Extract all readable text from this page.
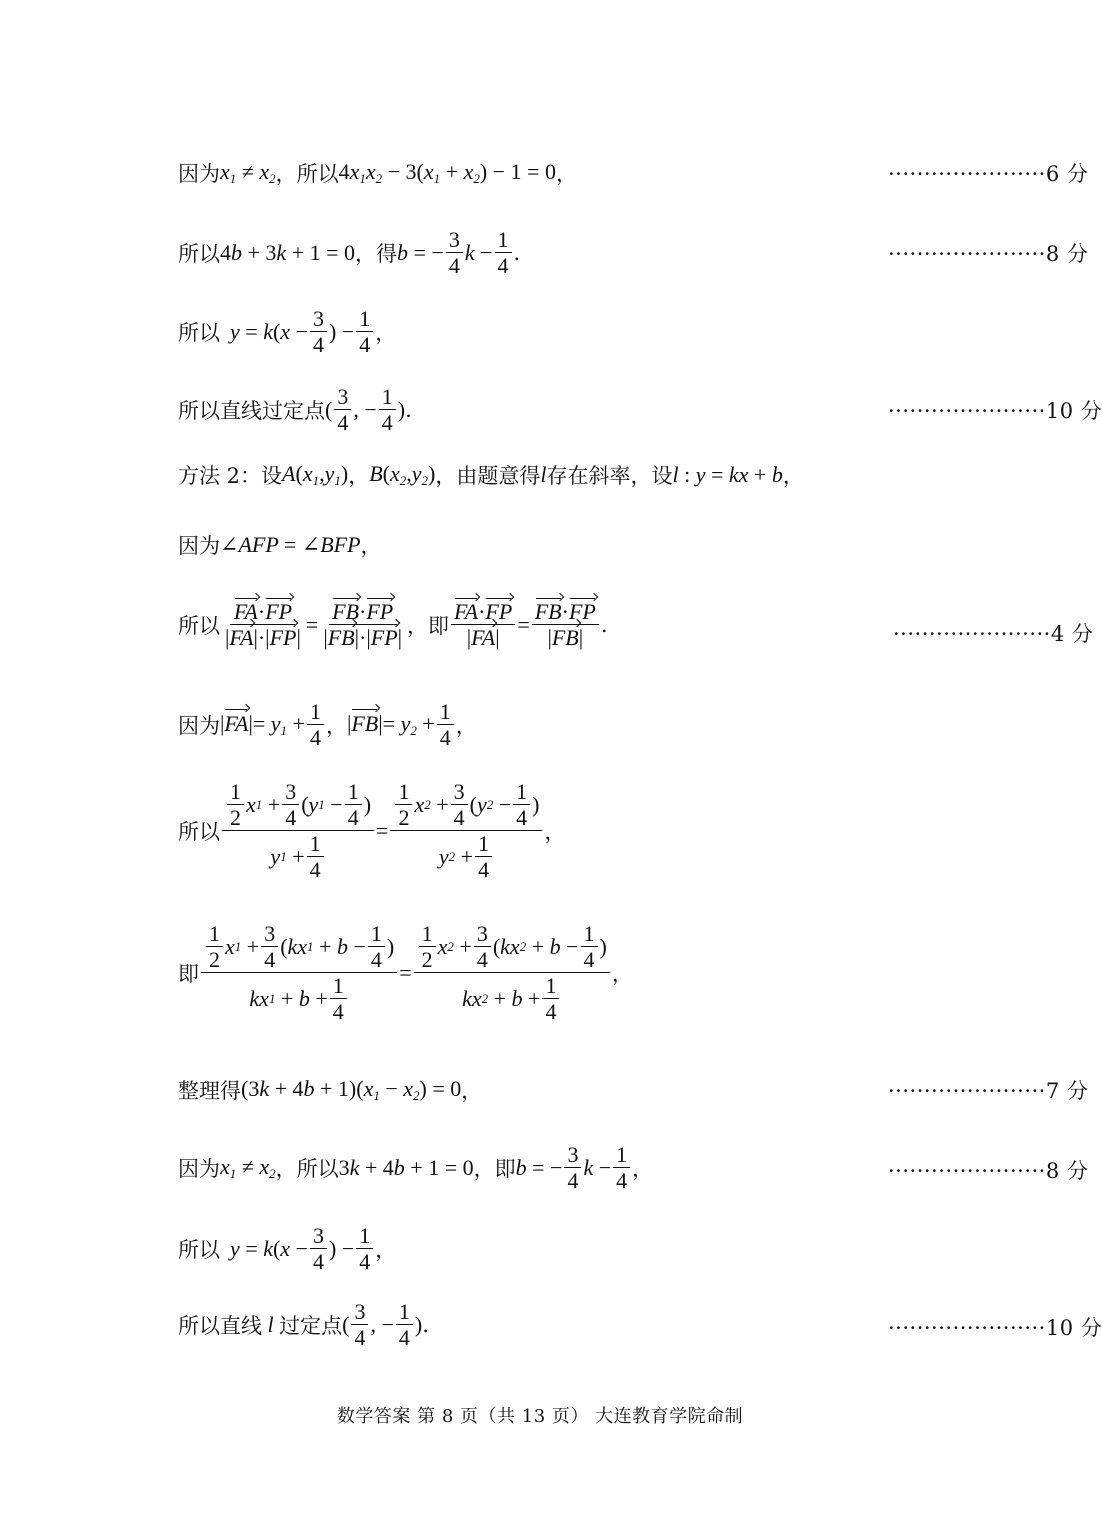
因为 $x_1 \ne x_2$ ，所以 $4x_1x_2 - 3(x_1 + x_2) - 1 = 0$ ，	······················6 分
所以 4b + 3k + 1 = 0 ，得 b = − $\frac{3}{4}$ $k - \frac{1}{4}$ .	······················8 分
所以 $y = k(x - \frac{3}{4}$ ) − $\frac{1}{4}$ ，
所以直线过定点 ( $\frac{3}{4}$ , − $\frac{1}{4}$ ) .	······················10 分
方法 2：设 $A(x_1,y_1)$ ， $B(x_2,y_2)$ ，由题意得 l 存在斜率，设 l : y = kx + b ，
因为 ∠AFP = ∠BFP ，
所以 $\frac{FA\cdot FP}{|FA|\cdot|FP|} = \frac{FB\cdot FP}{|FB|\cdot|FP|}$ ，即 $\frac{FA\cdot FP}{|FA|} = \frac{FB\cdot FP}{|FB|}$ .	······················4 分
因为 $|FA|= y_1 + \frac{1}{4}$ ， $|FB|= y_2 + \frac{1}{4}$ ，
所以 $\frac{\frac{1}{2} x 1 + \frac{3}{4} ( y 1 - \frac{1}{4} )}{y 1 + \frac{1}{4}} = \frac{\frac{1}{2} x 2 + \frac{3}{4} ( y 2 - \frac{1}{4} )}{y 2 + \frac{1}{4}}$ ，
即 $\frac{\frac{1}{2} x 1 + \frac{3}{4} ( kx 1 + b - \frac{1}{4} )}{kx 1 + b + \frac{1}{4}} = \frac{\frac{1}{2} x 2 + \frac{3}{4} ( kx 2 + b - \frac{1}{4} )}{kx 2 + b + \frac{1}{4}}$ ，
整理得 $(3k + 4b + 1)(x_1 - x_2) = 0$ ，	······················7 分
因为 $x_1 \ne x_2$ ，所以 3k + 4b + 1 = 0 ，即 b = − $\frac{3}{4}$ $k - \frac{1}{4}$ ，	······················8 分
所以 $y = k(x - \frac{3}{4}$ ) − $\frac{1}{4}$ ，
所以直线 l 过定点 ( $\frac{3}{4}$ , − $\frac{1}{4}$ ) .	······················10 分
数学答案 第 8 页（共 13 页） 大连教育学院命制
